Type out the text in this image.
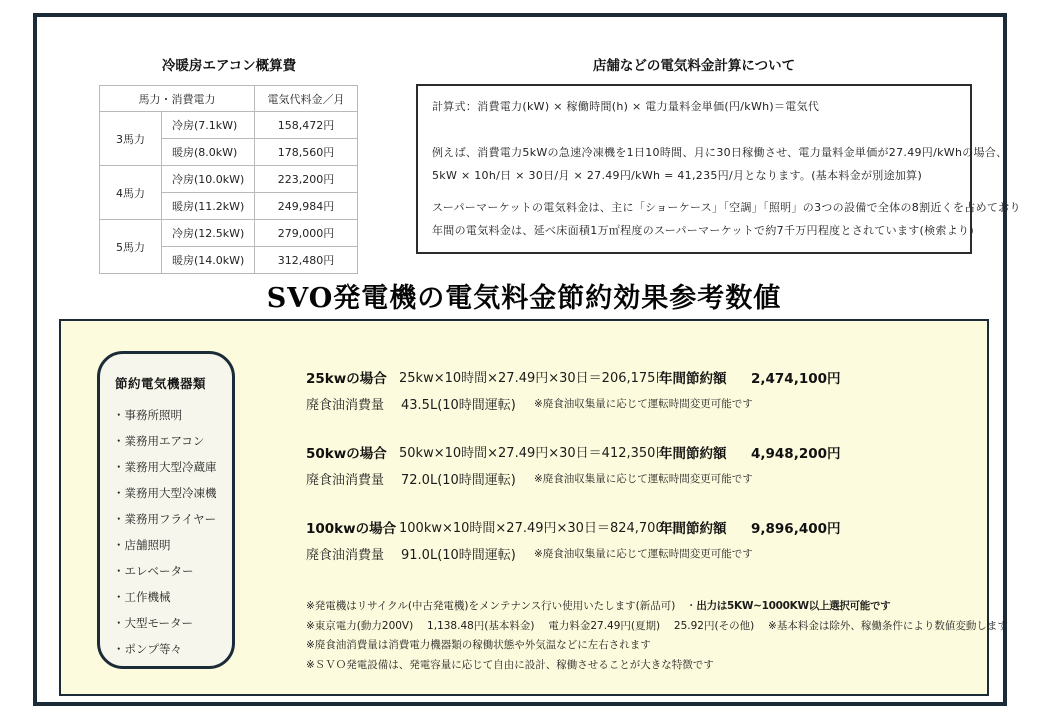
冷暖房エアコン概算費
馬力・消費電力		電気代料金／月
3馬力	冷房(7.1kW)	158,472円
	暖房(8.0kW)	178,560円
4馬力	冷房(10.0kW)	223,200円
	暖房(11.2kW)	249,984円
5馬力	冷房(12.5kW)	279,000円
	暖房(14.0kW)	312,480円
店舗などの電気料金計算について
計算式：消費電力(kW) × 稼働時間(h) × 電力量料金単価(円/kWh)＝電気代
例えば、消費電力5kWの急速冷凍機を1日10時間、月に30日稼働させ、電力量料金単価が27.49円/kWhの場合、
5kW × 10h/日 × 30日/月 × 27.49円/kWh = 41,235円/月となります。(基本料金が別途加算)
スーパーマーケットの電気料金は、主に「ショーケース」「空調」「照明」の3つの設備で全体の8割近くを占めており
年間の電気料金は、延べ床面積1万㎡程度のスーパーマーケットで約7千万円程度とされています(検索より)
SVO発電機の電気料金節約効果参考数値
節約電気機器類
・事務所照明
・業務用エアコン
・業務用大型冷蔵庫
・業務用大型冷凍機
・業務用フライヤー
・店舗照明
・エレベーター
・工作機械
・大型モーター
・ポンプ等々
25kwの場合 25kw×10時間×27.49円×30日＝206,175円
年間節約額 2,474,100円
廃食油消費量 43.5L(10時間運転) ※廃食油収集量に応じて運転時間変更可能です
50kwの場合 50kw×10時間×27.49円×30日＝412,350円
年間節約額 4,948,200円
廃食油消費量 72.0L(10時間運転) ※廃食油収集量に応じて運転時間変更可能です
100kwの場合 100kw×10時間×27.49円×30日＝824,700円
年間節約額 9,896,400円
廃食油消費量 91.0L(10時間運転) ※廃食油収集量に応じて運転時間変更可能です
※発電機はリサイクル(中古発電機)をメンテナンス行い使用いたします(新品可)　・出力は5KW~1000KW以上選択可能です
※東京電力(動力200V)　 1,138.48円(基本料金)　 電力料金27.49円(夏期)　 25.92円(その他)　 ※基本料金は除外、稼働条件により数値変動します
※廃食油消費量は消費電力機器類の稼働状態や外気温などに左右されます
※ＳＶＯ発電設備は、発電容量に応じて自由に設計、稼働させることが大きな特徴です
